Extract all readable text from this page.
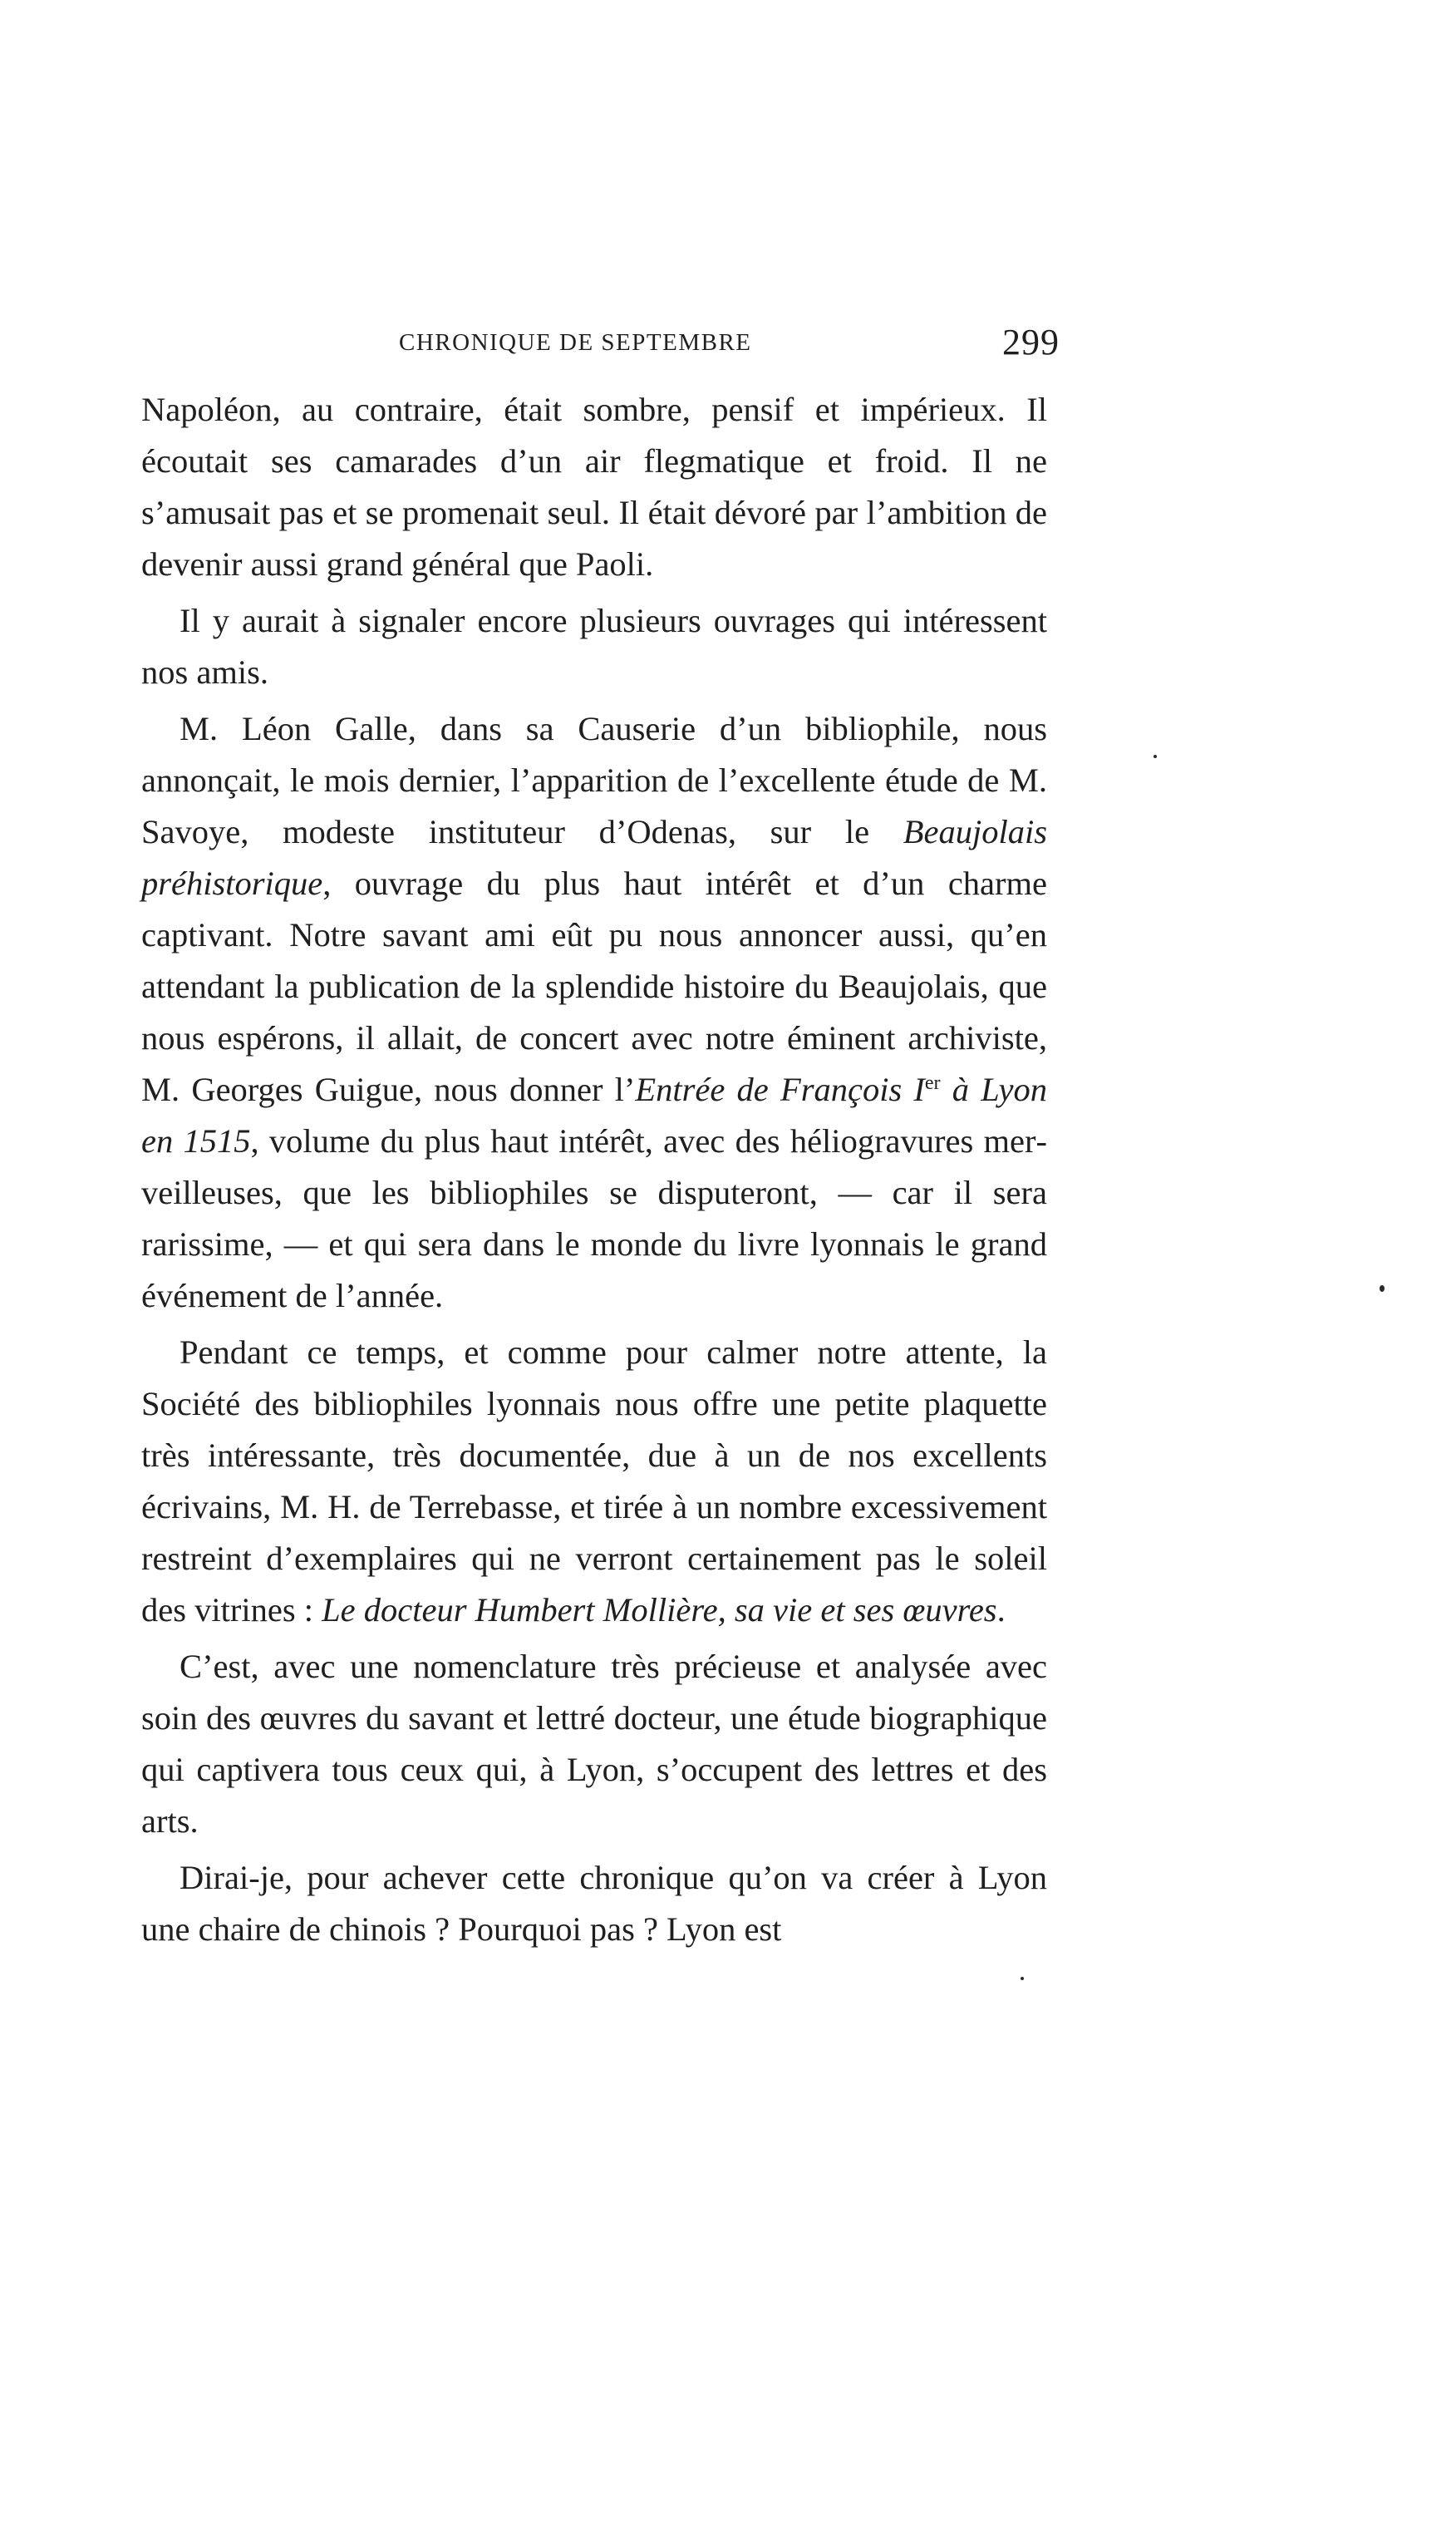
CHRONIQUE DE SEPTEMBRE	299

Napoléon, au contraire, était sombre, pensif et impérieux. Il écoutait ses camarades d’un air flegmatique et froid. Il ne s’amusait pas et se promenait seul. Il était dévoré par l’ambition de devenir aussi grand général que Paoli.

Il y aurait à signaler encore plusieurs ouvrages qui intéressent nos amis.

M. Léon Galle, dans sa Causerie d’un bibliophile, nous annonçait, le mois dernier, l’apparition de l’excellente étude de M. Savoye, modeste instituteur d’Odenas, sur le Beaujolais préhistorique, ouvrage du plus haut intérêt et d’un charme captivant. Notre savant ami eût pu nous annoncer aussi, qu’en attendant la publication de la splendide histoire du Beaujolais, que nous espérons, il allait, de concert avec notre éminent archiviste, M. Georges Guigue, nous donner l’Entrée de François Ier à Lyon en 1515, volume du plus haut intérêt, avec des héliogravures merveilleuses, que les bibliophiles se disputeront, — car il sera rarissime, — et qui sera dans le monde du livre lyonnais le grand événement de l’année.

Pendant ce temps, et comme pour calmer notre attente, la Société des bibliophiles lyonnais nous offre une petite plaquette très intéressante, très documentée, due à un de nos excellents écrivains, M. H. de Terrebasse, et tirée à un nombre excessivement restreint d’exemplaires qui ne verront certainement pas le soleil des vitrines : Le docteur Humbert Mollière, sa vie et ses œuvres.

C’est, avec une nomenclature très précieuse et analysée avec soin des œuvres du savant et lettré docteur, une étude biographique qui captivera tous ceux qui, à Lyon, s’occupent des lettres et des arts.

Dirai-je, pour achever cette chronique qu’on va créer à Lyon une chaire de chinois ? Pourquoi pas ? Lyon est
